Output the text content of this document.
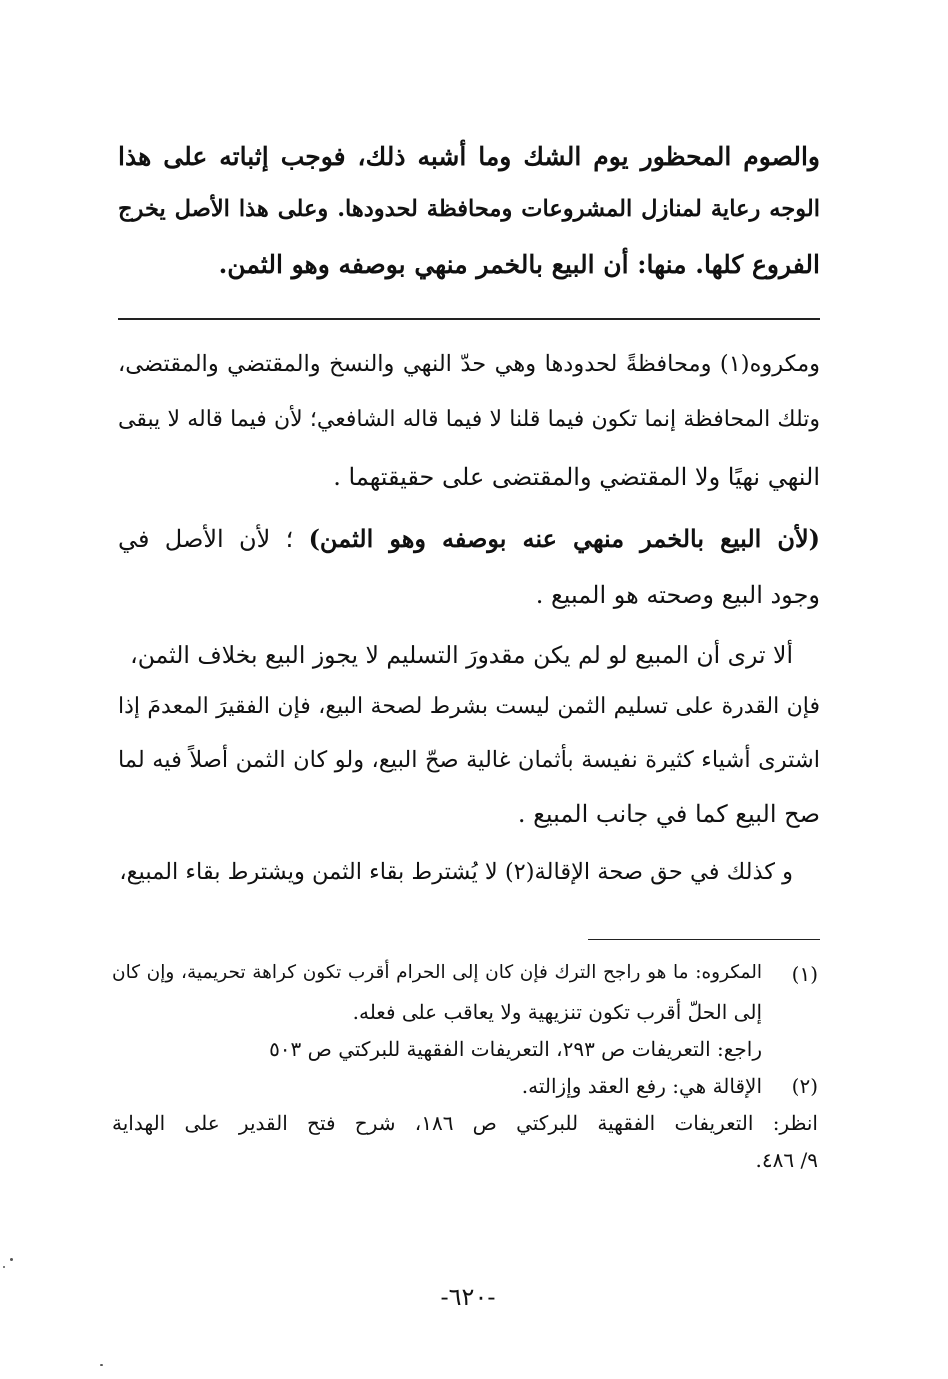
والصوم المحظور يوم الشك وما أشبه ذلك، فوجب إثباته على هذا
الوجه رعاية لمنازل المشروعات ومحافظة لحدودها. وعلى هذا الأصل يخرج
الفروع كلها. منها: أن البيع بالخمر منهي بوصفه وهو الثمن.
ومكروه(١) ومحافظةً لحدودها وهي حدّ النهي والنسخ والمقتضي والمقتضى،
وتلك المحافظة إنما تكون فيما قلنا لا فيما قاله الشافعي؛ لأن فيما قاله لا يبقى
النهي نهيًا ولا المقتضي والمقتضى على حقيقتهما .
(لأن البيع بالخمر منهي عنه بوصفه وهو الثمن) ؛ لأن الأصل في
وجود البيع وصحته هو المبيع .
ألا ترى أن المبيع لو لم يكن مقدورَ التسليم لا يجوز البيع بخلاف الثمن،
فإن القدرة على تسليم الثمن ليست بشرط لصحة البيع، فإن الفقيرَ المعدمَ إذا
اشترى أشياء كثيرة نفيسة بأثمان غالية صحّ البيع، ولو كان الثمن أصلاً فيه لما
صح البيع كما في جانب المبيع .
و كذلك في حق صحة الإقالة(٢) لا يُشترط بقاء الثمن ويشترط بقاء المبيع،
(١)
المكروه: ما هو راجح الترك فإن كان إلى الحرام أقرب تكون كراهة تحريمية، وإن كان
إلى الحلّ أقرب تكون تنزيهية ولا يعاقب على فعله.
راجع: التعريفات ص ٢٩٣، التعريفات الفقهية للبركتي ص ٥٠٣
(٢)
الإقالة هي: رفع العقد وإزالته.
انظر: التعريفات الفقهية للبركتي ص ١٨٦، شرح فتح القدير على الهداية
٩/ ٤٨٦.
-٦٢٠-
